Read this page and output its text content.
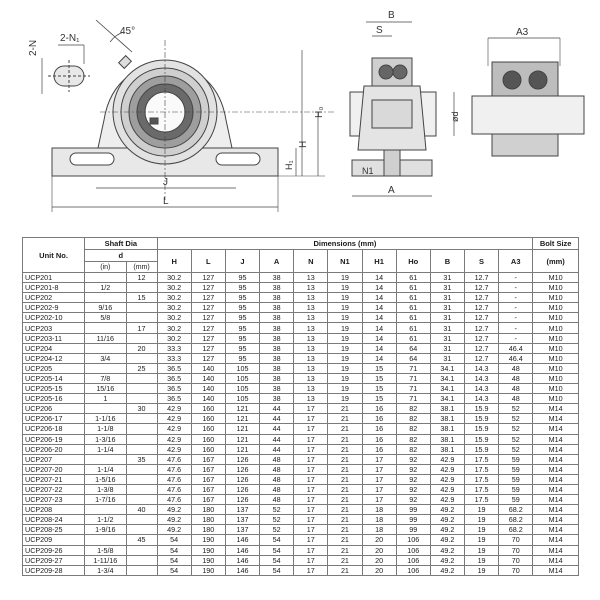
2-N
2-N₁
45°
H₀
H
H₁
J
L
B
S
ød
N1
A
A3
Unit No.	Shaft Dia		Dimensions (mm)											Bolt Size
	d		H	L	J	A	N	N1	H1	Ho	B	S	A3	(mm)
	(in)	(mm)												
UCP201		12	30.2	127	95	38	13	19	14	61	31	12.7	-	M10
UCP201-8	1/2		30.2	127	95	38	13	19	14	61	31	12.7	-	M10
UCP202		15	30.2	127	95	38	13	19	14	61	31	12.7	-	M10
UCP202-9	9/16		30.2	127	95	38	13	19	14	61	31	12.7	-	M10
UCP202-10	5/8		30.2	127	95	38	13	19	14	61	31	12.7	-	M10
UCP203		17	30.2	127	95	38	13	19	14	61	31	12.7	-	M10
UCP203-11	11/16		30.2	127	95	38	13	19	14	61	31	12.7	-	M10
UCP204		20	33.3	127	95	38	13	19	14	64	31	12.7	46.4	M10
UCP204-12	3/4		33.3	127	95	38	13	19	14	64	31	12.7	46.4	M10
UCP205		25	36.5	140	105	38	13	19	15	71	34.1	14.3	48	M10
UCP205-14	7/8		36.5	140	105	38	13	19	15	71	34.1	14.3	48	M10
UCP205-15	15/16		36.5	140	105	38	13	19	15	71	34.1	14.3	48	M10
UCP205-16	1		36.5	140	105	38	13	19	15	71	34.1	14.3	48	M10
UCP206		30	42.9	160	121	44	17	21	16	82	38.1	15.9	52	M14
UCP206-17	1-1/16		42.9	160	121	44	17	21	16	82	38.1	15.9	52	M14
UCP206-18	1-1/8		42.9	160	121	44	17	21	16	82	38.1	15.9	52	M14
UCP206-19	1-3/16		42.9	160	121	44	17	21	16	82	38.1	15.9	52	M14
UCP206-20	1-1/4		42.9	160	121	44	17	21	16	82	38.1	15.9	52	M14
UCP207		35	47.6	167	126	48	17	21	17	92	42.9	17.5	59	M14
UCP207-20	1-1/4		47.6	167	126	48	17	21	17	92	42.9	17.5	59	M14
UCP207-21	1-5/16		47.6	167	126	48	17	21	17	92	42.9	17.5	59	M14
UCP207-22	1-3/8		47.6	167	126	48	17	21	17	92	42.9	17.5	59	M14
UCP207-23	1-7/16		47.6	167	126	48	17	21	17	92	42.9	17.5	59	M14
UCP208		40	49.2	180	137	52	17	21	18	99	49.2	19	68.2	M14
UCP208-24	1-1/2		49.2	180	137	52	17	21	18	99	49.2	19	68.2	M14
UCP208-25	1-9/16		49.2	180	137	52	17	21	18	99	49.2	19	68.2	M14
UCP209		45	54	190	146	54	17	21	20	106	49.2	19	70	M14
UCP209-26	1-5/8		54	190	146	54	17	21	20	106	49.2	19	70	M14
UCP209-27	1-11/16		54	190	146	54	17	21	20	106	49.2	19	70	M14
UCP209-28	1-3/4		54	190	146	54	17	21	20	106	49.2	19	70	M14
